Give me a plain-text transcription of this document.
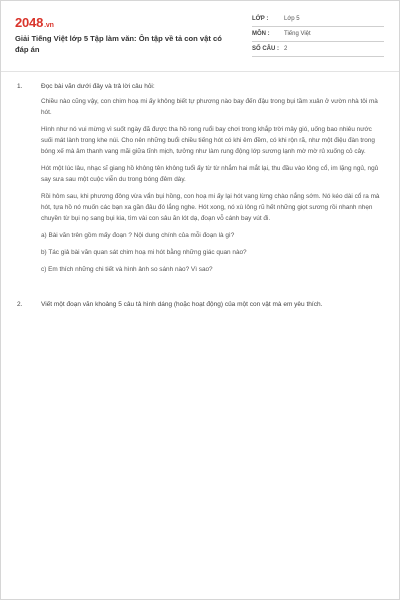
2048.vn
Giải Tiếng Việt lớp 5 Tập làm văn: Ôn tập về tả con vật có đáp án
LỚP :	Lớp 5
MÔN :	Tiếng Việt
SỐ CÂU : 2
1.	Đọc bài văn dưới đây và trả lời câu hỏi:
Chiều nào cũng vậy, con chim hoạ mi ấy không biết tự phương nào bay đến đậu trong bụi tầm xuân ở vườn nhà tôi mà hót.
Hình như nó vui mừng vì suốt ngày đã được tha hồ rong ruổi bay chơi trong khắp trời mây gió, uống bao nhiêu nước suối mát lành trong khe núi. Cho nên những buổi chiều tiếng hót có khi êm đềm, có khi rộn rã, như một điệu đàn trong bóng xế mà âm thanh vang mãi giữa tĩnh mịch, tưởng như làm rung động lớp sương lạnh mờ mờ rủ xuống cỏ cây.
Hót một lúc lâu, nhạc sĩ giang hồ không tên không tuổi ấy từ từ nhắm hai mắt lại, thu đầu vào lông cổ, im lặng ngủ, ngủ say sưa sau một cuộc viễn du trong bóng đêm dày.
Rồi hôm sau, khi phương đông vừa vẩn bụi hồng, con hoạ mi ấy lại hót vang lừng chào nắng sớm. Nó kéo dài cổ ra mà hót, tựa hồ nó muốn các bạn xa gần đâu đó lắng nghe. Hót xong, nó xù lông rũ hết những giọt sương rồi nhanh nhẹn chuyền từ bụi nọ sang bụi kia, tìm vài con sâu ăn lót dạ, đoạn vỗ cánh bay vút đi.
a) Bài văn trên gồm mấy đoạn ? Nội dung chính của mỗi đoạn là gì?
b) Tác giả bài văn quan sát chim hoạ mi hót bằng những giác quan nào?
c) Em thích những chi tiết và hình ảnh so sánh nào? Vì sao?
2.	Viết một đoạn văn khoảng 5 câu tả hình dáng (hoặc hoạt động) của một con vật mà em yêu thích.
